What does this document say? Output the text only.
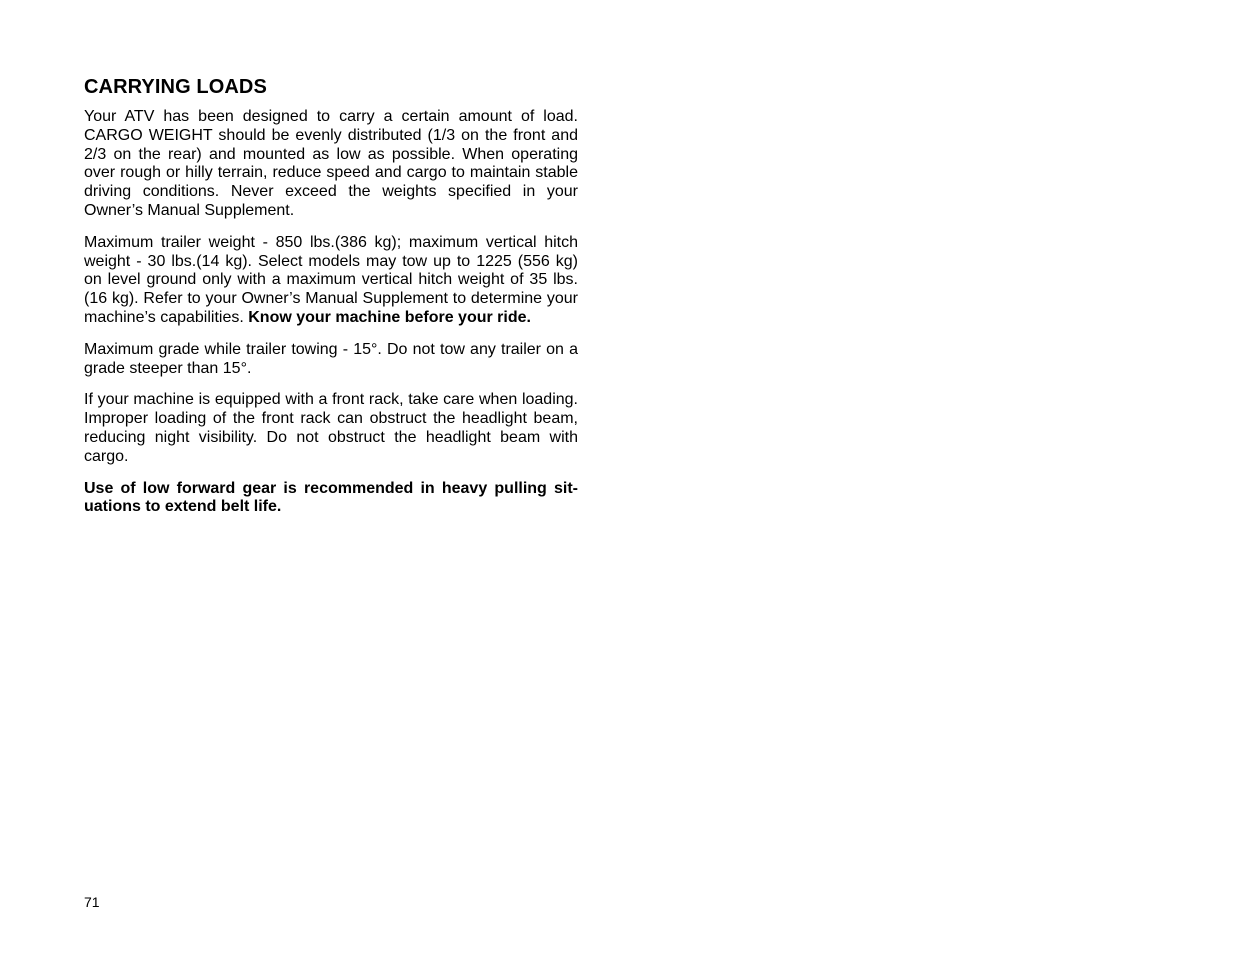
CARRYING LOADS

Your ATV has been designed to carry a certain amount of load. CARGO WEIGHT should be evenly distributed (1/3 on the front and 2/3 on the rear) and mounted as low as possible. When operating over rough or hilly terrain, reduce speed and cargo to maintain stable driving conditions. Never exceed the weights specified in your Owner’s Manual Supplement.

Maximum trailer weight - 850 lbs.(386 kg); maximum vertical hitch weight - 30 lbs.(14 kg). Select models may tow up to 1225 (556 kg) on level ground only with a maximum vertical hitch weight of 35 lbs. (16 kg). Refer to your Owner’s Manual Supplement to determine your machine’s capabilities. Know your machine before your ride.

Maximum grade while trailer towing - 15°. Do not tow any trailer on a grade steeper than 15°.

If your machine is equipped with a front rack, take care when loading. Improper loading of the front rack can obstruct the headlight beam, reducing night visibility. Do not obstruct the headlight beam with cargo.

Use of low forward gear is recommended in heavy pulling situations to extend belt life.

71
